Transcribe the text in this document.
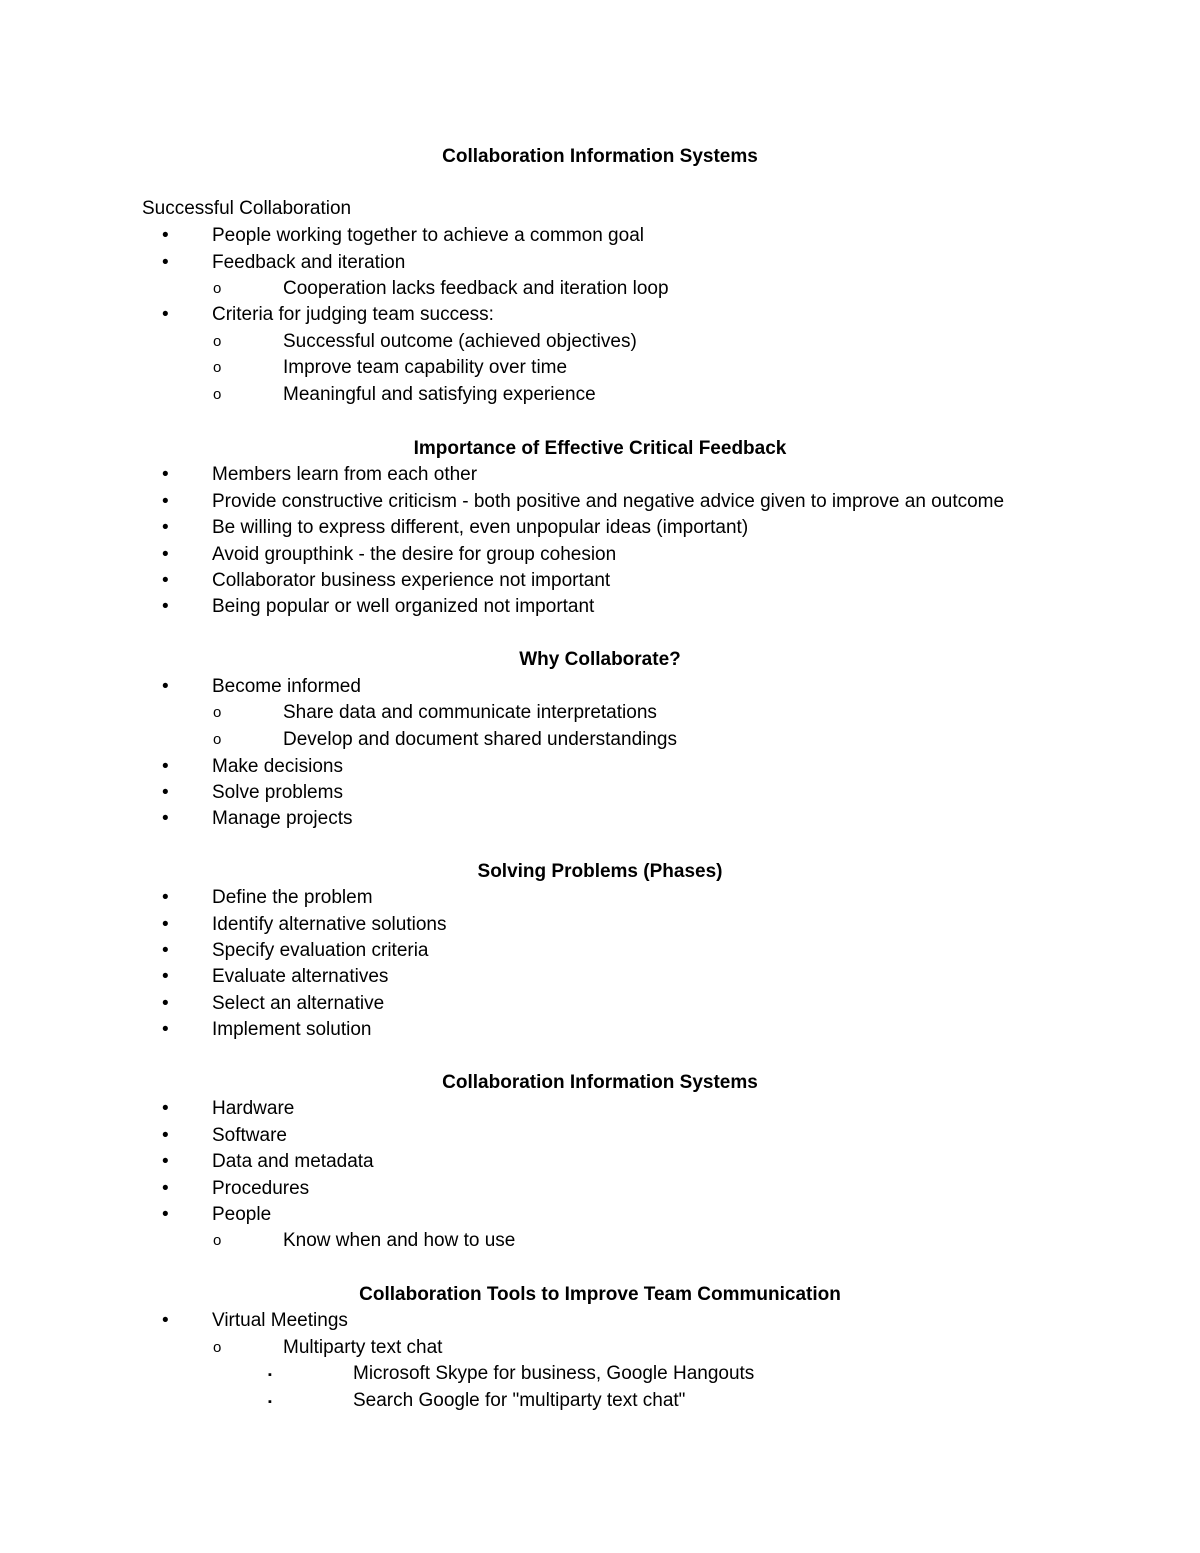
Collaboration Information Systems
Successful Collaboration
• People working together to achieve a common goal
• Feedback and iteration
o	Cooperation lacks feedback and iteration loop
• Criteria for judging team success:
o	Successful outcome (achieved objectives)
o	Improve team capability over time
o	Meaningful and satisfying experience
Importance of Effective Critical Feedback
• Members learn from each other
• Provide constructive criticism - both positive and negative advice given to improve an outcome
• Be willing to express different, even unpopular ideas (important)
• Avoid groupthink - the desire for group cohesion
• Collaborator business experience not important
• Being popular or well organized not important
Why Collaborate?
• Become informed
o	Share data and communicate interpretations
o	Develop and document shared understandings
• Make decisions
• Solve problems
• Manage projects
Solving Problems (Phases)
• Define the problem
• Identify alternative solutions
• Specify evaluation criteria
• Evaluate alternatives
• Select an alternative
• Implement solution
Collaboration Information Systems
• Hardware
• Software
• Data and metadata
• Procedures
• People
o	Know when and how to use
Collaboration Tools to Improve Team Communication
• Virtual Meetings
o	Multiparty text chat
▪	Microsoft Skype for business, Google Hangouts
▪	Search Google for "multiparty text chat"
